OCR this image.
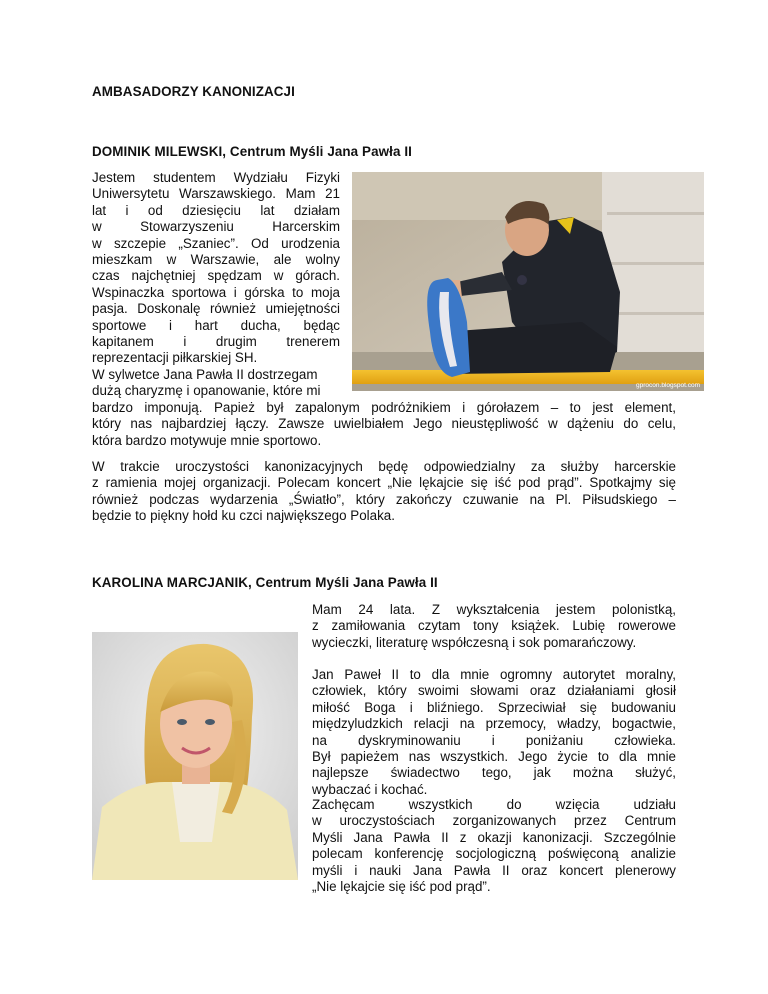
AMBASADORZY KANONIZACJI
DOMINIK MILEWSKI, Centrum Myśli Jana Pawła II
gprocon.blogspot.com

Jestem studentem Wydziału Fizyki

Uniwersytetu Warszawskiego. Mam 21

lat i od dziesięciu lat działam

w Stowarzyszeniu Harcerskim

w szczepie „Szaniec”. Od urodzenia

mieszkam w Warszawie, ale wolny

czas najchętniej spędzam w górach.

Wspinaczka sportowa i górska to moja

pasja. Doskonalę również umiejętności

sportowe i hart ducha, będąc

kapitanem i drugim trenerem

reprezentacji piłkarskiej SH.

W sylwetce Jana Pawła II dostrzegam

dużą charyzmę i opanowanie, które mi

bardzo imponują. Papież był zapalonym podróżnikiem i górołazem – to jest element,

który nas najbardziej łączy. Zawsze uwielbiałem Jego nieustępliwość w dążeniu do celu,

która bardzo motywuje mnie sportowo.

W trakcie uroczystości kanonizacyjnych będę odpowiedzialny za służby harcerskie

z ramienia mojej organizacji. Polecam koncert „Nie lękajcie się iść pod prąd”. Spotkajmy się

również podczas wydarzenia „Światło”, który zakończy czuwanie na Pl. Piłsudskiego –

będzie to piękny hołd ku czci największego Polaka.

KAROLINA MARCJANIK, Centrum Myśli Jana Pawła II

Mam 24 lata. Z wykształcenia jestem polonistką,

z zamiłowania czytam tony książek. Lubię rowerowe

wycieczki, literaturę współczesną i sok pomarańczowy.

Jan Paweł II to dla mnie ogromny autorytet moralny,

człowiek, który swoimi słowami oraz działaniami głosił

miłość Boga i bliźniego. Sprzeciwiał się budowaniu

międzyludzkich relacji na przemocy, władzy, bogactwie,

na dyskryminowaniu i poniżaniu człowieka.

Był papieżem nas wszystkich. Jego życie to dla mnie

najlepsze świadectwo tego, jak można służyć,

wybaczać i kochać.

Zachęcam wszystkich do wzięcia udziału

w uroczystościach zorganizowanych przez Centrum

Myśli Jana Pawła II z okazji kanonizacji. Szczególnie

polecam konferencję socjologiczną poświęconą analizie

myśli i nauki Jana Pawła II oraz koncert plenerowy

„Nie lękajcie się iść pod prąd”.
